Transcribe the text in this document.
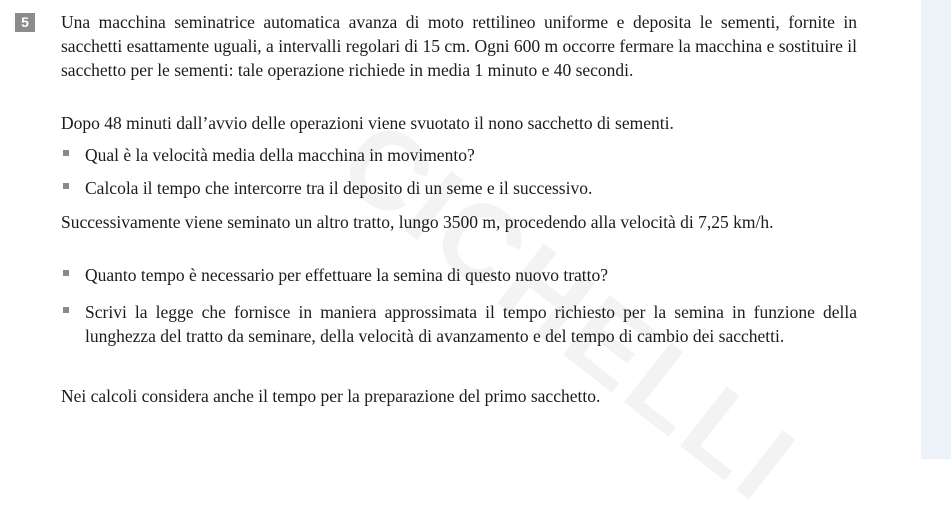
5	Una macchina seminatrice automatica avanza di moto rettilineo uniforme e deposita le sementi, fornite in sacchetti esattamente uguali, a intervalli regolari di 15 cm. Ogni 600 m occorre fermare la macchina e sostituire il sacchetto per le sementi: tale operazione richiede in media 1 minuto e 40 secondi.

Dopo 48 minuti dall’avvio delle operazioni viene svuotato il nono sacchetto di sementi.

Qual è la velocità media della macchina in movimento?

Calcola il tempo che intercorre tra il deposito di un seme e il successivo.

Successivamente viene seminato un altro tratto, lungo 3500 m, procedendo alla velocità di 7,25 km/h.

Quanto tempo è necessario per effettuare la semina di questo nuovo tratto?

Scrivi la legge che fornisce in maniera approssimata il tempo richiesto per la semina in funzione della lunghezza del tratto da seminare, della velocità di avanzamento e del tempo di cambio dei sacchetti.

Nei calcoli considera anche il tempo per la preparazione del primo sacchetto.
